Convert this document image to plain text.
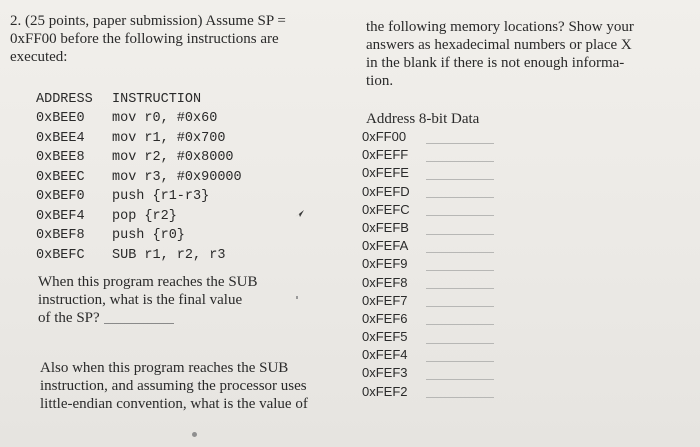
2. (25 points, paper submission) Assume SP =
0xFF00 before the following instructions are
executed:
ADDRESS INSTRUCTION
0xBEE0 mov r0, #0x60
0xBEE4 mov r1, #0x700
0xBEE8 mov r2, #0x8000
0xBEEC mov r3, #0x90000
0xBEF0 push {r1-r3}
0xBEF4 pop {r2}
0xBEF8 push {r0}
0xBEFC SUB r1, r2, r3
When this program reaches the SUB
instruction, what is the final value
of the SP?
Also when this program reaches the SUB
instruction, and assuming the processor uses
little-endian convention, what is the value of
the following memory locations? Show your
answers as hexadecimal numbers or place X
in the blank if there is not enough informa-
tion.
Address 8-bit Data
0xFF00
0xFEFF
0xFEFE
0xFEFD
0xFEFC
0xFEFB
0xFEFA
0xFEF9
0xFEF8
0xFEF7
0xFEF6
0xFEF5
0xFEF4
0xFEF3
0xFEF2
